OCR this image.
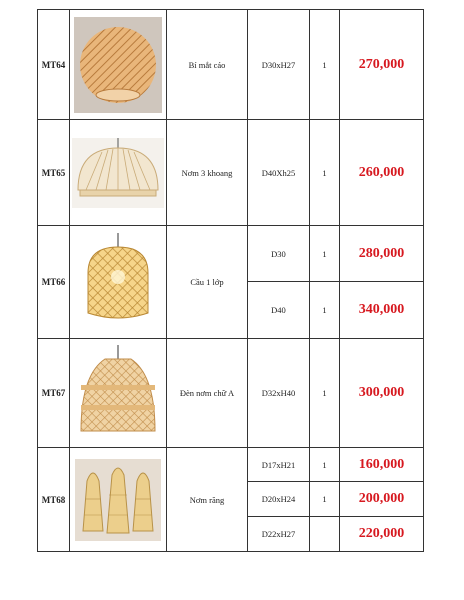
MT64		Bí mắt cáo	D30xH27	1	270,000
MT65		Nơm 3 khoang	D40Xh25	1	260,000
MT66		Cầu 1 lớp	D30	1	280,000
			D40	1	340,000
MT67		Đèn nơm chữ A	D32xH40	1	300,000
MT68		Nơm răng	D17xH21	1	160,000
			D20xH24	1	200,000
			D22xH27		220,000
